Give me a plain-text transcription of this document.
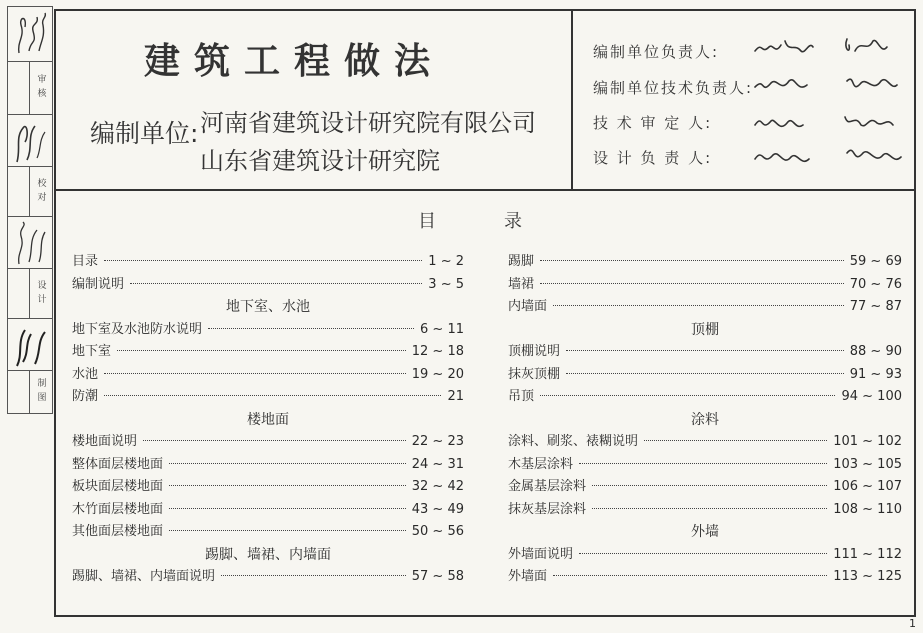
审核
校对
设计
制图
建筑工程做法
编制单位: 河南省建筑设计研究院有限公司
山东省建筑设计研究院
编制单位负责人:
编制单位技术负责人:
技 术 审 定 人:
设 计 负 责 人:
目录
目录	1 ~ 2
编制说明	3 ~ 5
地下室、水池
地下室及水池防水说明	6 ~ 11
地下室	12 ~ 18
水池	19 ~ 20
防潮	21
楼地面
楼地面说明	22 ~ 23
整体面层楼地面	24 ~ 31
板块面层楼地面	32 ~ 42
木竹面层楼地面	43 ~ 49
其他面层楼地面	50 ~ 56
踢脚、墙裙、内墙面
踢脚、墙裙、内墙面说明	57 ~ 58
踢脚	59 ~ 69
墙裙	70 ~ 76
内墙面	77 ~ 87
顶棚
顶棚说明	88 ~ 90
抹灰顶棚	91 ~ 93
吊顶	94 ~ 100
涂料
涂料、刷浆、裱糊说明	101 ~ 102
木基层涂料	103 ~ 105
金属基层涂料	106 ~ 107
抹灰基层涂料	108 ~ 110
外墙
外墙面说明	111 ~ 112
外墙面	113 ~ 125
1
